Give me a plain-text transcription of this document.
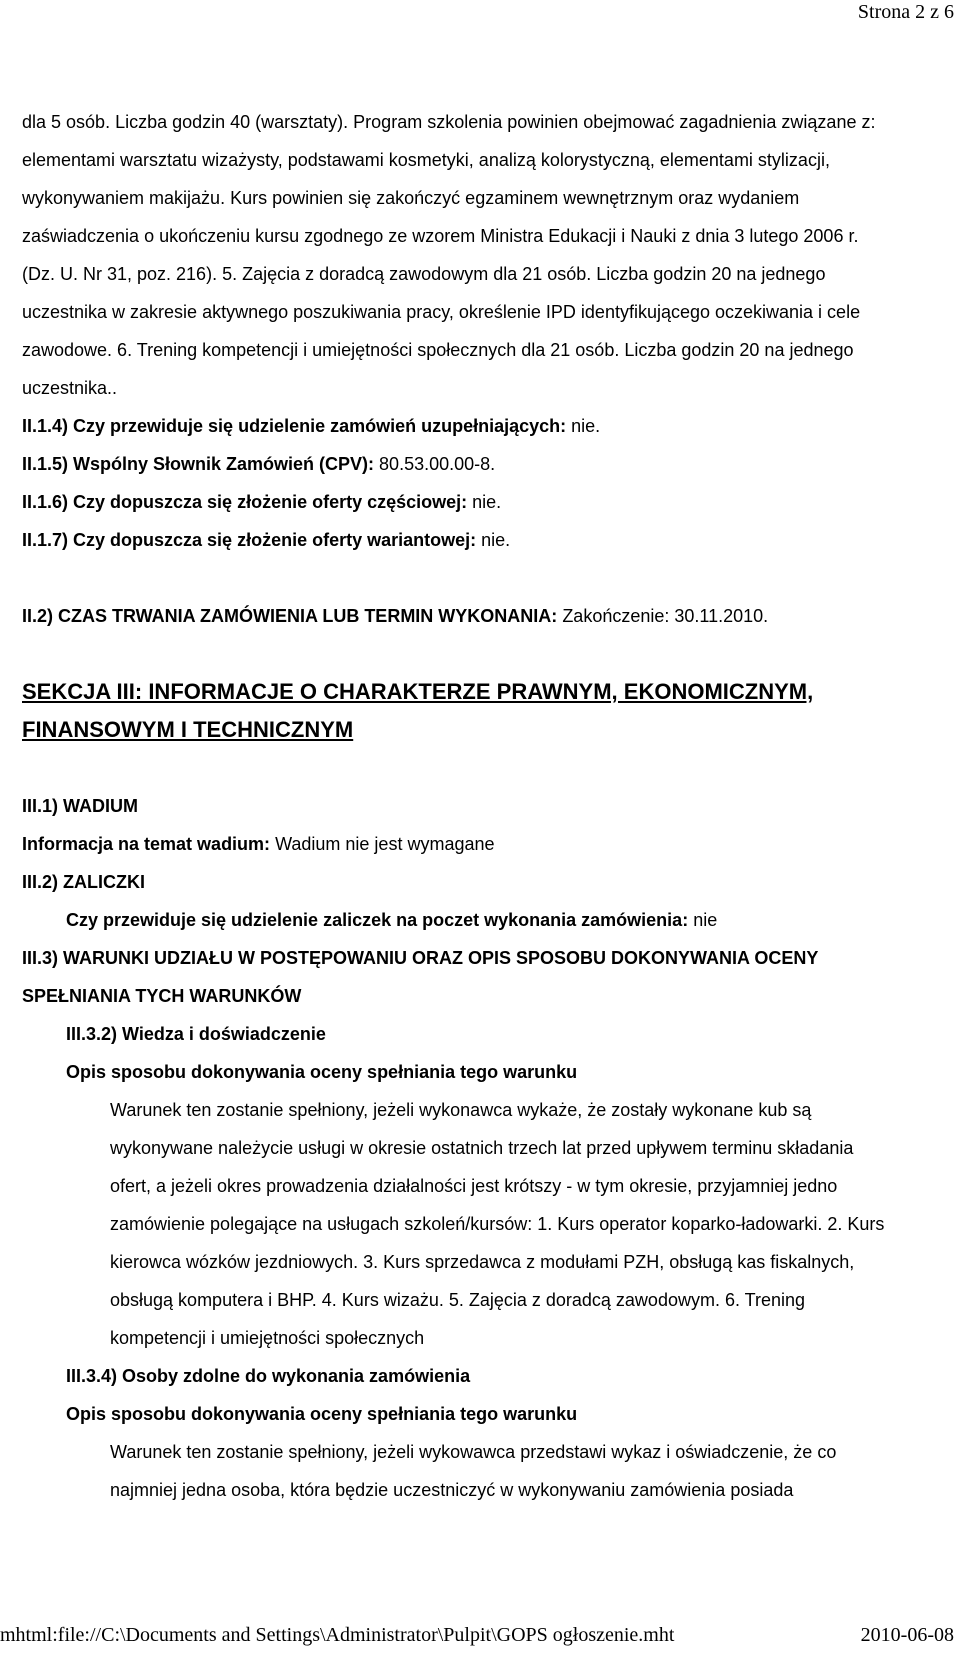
Strona 2 z 6
dla 5 osób. Liczba godzin 40 (warsztaty). Program szkolenia powinien obejmować zagadnienia związane z:
elementami warsztatu wizażysty, podstawami kosmetyki, analizą kolorystyczną, elementami stylizacji,
wykonywaniem makijażu. Kurs powinien się zakończyć egzaminem wewnętrznym oraz wydaniem
zaświadczenia o ukończeniu kursu zgodnego ze wzorem Ministra Edukacji i Nauki z dnia 3 lutego 2006 r.
(Dz. U. Nr 31, poz. 216). 5. Zajęcia z doradcą zawodowym dla 21 osób. Liczba godzin 20 na jednego
uczestnika w zakresie aktywnego poszukiwania pracy, określenie IPD identyfikującego oczekiwania i cele
zawodowe. 6. Trening kompetencji i umiejętności społecznych dla 21 osób. Liczba godzin 20 na jednego
uczestnika..
II.1.4) Czy przewiduje się udzielenie zamówień uzupełniających: nie.
II.1.5) Wspólny Słownik Zamówień (CPV): 80.53.00.00-8.
II.1.6) Czy dopuszcza się złożenie oferty częściowej: nie.
II.1.7) Czy dopuszcza się złożenie oferty wariantowej: nie.
II.2) CZAS TRWANIA ZAMÓWIENIA LUB TERMIN WYKONANIA: Zakończenie: 30.11.2010.
SEKCJA III: INFORMACJE O CHARAKTERZE PRAWNYM, EKONOMICZNYM,
FINANSOWYM I TECHNICZNYM
III.1) WADIUM
Informacja na temat wadium: Wadium nie jest wymagane
III.2) ZALICZKI
Czy przewiduje się udzielenie zaliczek na poczet wykonania zamówienia: nie
III.3) WARUNKI UDZIAŁU W POSTĘPOWANIU ORAZ OPIS SPOSOBU DOKONYWANIA OCENY
SPEŁNIANIA TYCH WARUNKÓW
III.3.2) Wiedza i doświadczenie
Opis sposobu dokonywania oceny spełniania tego warunku
Warunek ten zostanie spełniony, jeżeli wykonawca wykaże, że zostały wykonane kub są
wykonywane należycie usługi w okresie ostatnich trzech lat przed upływem terminu składania
ofert, a jeżeli okres prowadzenia działalności jest krótszy - w tym okresie, przyjamniej jedno
zamówienie polegające na usługach szkoleń/kursów: 1. Kurs operator koparko-ładowarki. 2. Kurs
kierowca wózków jezdniowych. 3. Kurs sprzedawca z modułami PZH, obsługą kas fiskalnych,
obsługą komputera i BHP. 4. Kurs wizażu. 5. Zajęcia z doradcą zawodowym. 6. Trening
kompetencji i umiejętności społecznych
III.3.4) Osoby zdolne do wykonania zamówienia
Opis sposobu dokonywania oceny spełniania tego warunku
Warunek ten zostanie spełniony, jeżeli wykowawca przedstawi wykaz i oświadczenie, że co
najmniej jedna osoba, która będzie uczestniczyć w wykonywaniu zamówienia posiada
mhtml:file://C:\Documents and Settings\Administrator\Pulpit\GOPS ogłoszenie.mht	2010-06-08
